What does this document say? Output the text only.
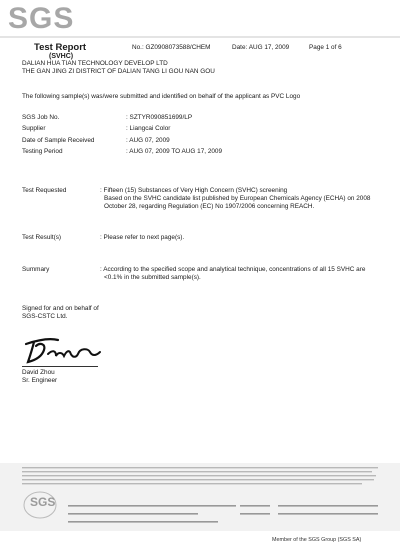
SGS
Test Report
(SVHC)
No.: GZ0908073588/CHEM	Date: AUG 17, 2009	Page 1 of 6
DALIAN HUA TIAN TECHNOLOGY DEVELOP LTD
THE GAN JING ZI DISTRICT OF DALIAN TANG LI GOU NAN GOU
The following sample(s) was/were submitted and identified on behalf of the applicant as PVC Logo
SGS Job No.	: SZTYR090851699/LP
Supplier	: Liangcai Color
Date of Sample Received	: AUG 07, 2009
Testing Period	: AUG 07, 2009 TO AUG 17, 2009
Test Requested	: Fifteen (15) Substances of Very High Concern (SVHC) screening
Based on the SVHC candidate list published by European Chemicals Agency (ECHA) on 2008
October 28, regarding Regulation (EC) No 1907/2006 concerning REACH.
Test Result(s)	: Please refer to next page(s).
Summary	: According to the specified scope and analytical technique, concentrations of all 15 SVHC are
<0.1% in the submitted sample(s).
Signed for and on behalf of
SGS-CSTC Ltd.
David Zhou
Sr. Engineer
SGS
Member of the SGS Group (SGS SA)
